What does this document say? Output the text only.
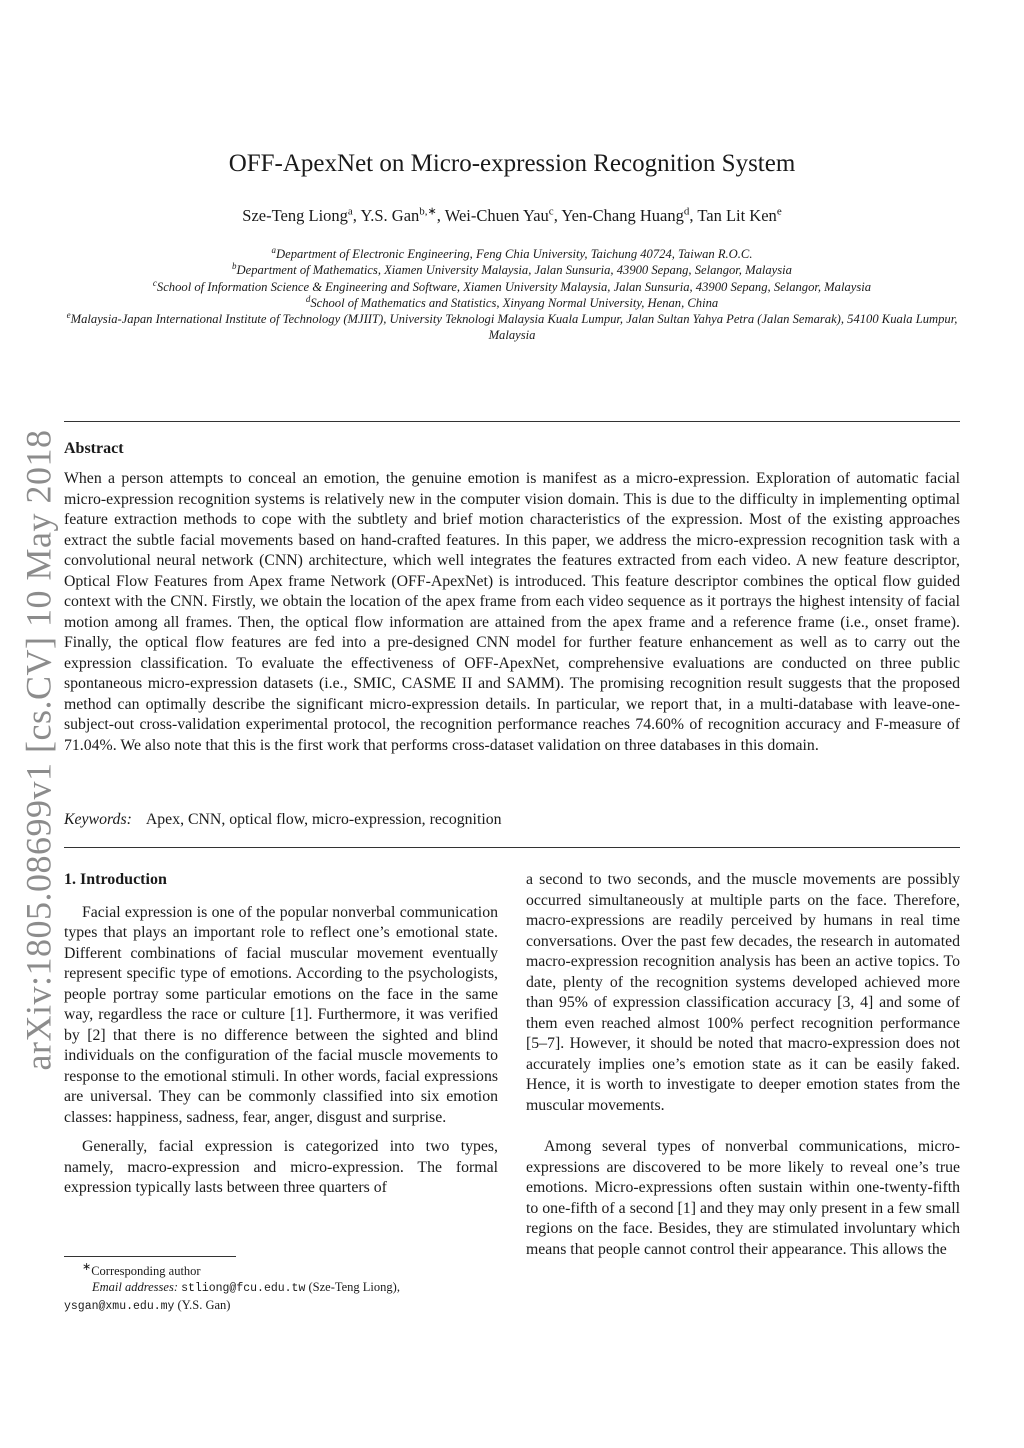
arXiv:1805.08699v1 [cs.CV] 10 May 2018
OFF-ApexNet on Micro-expression Recognition System
Sze-Teng Liong$^a$, Y.S. Gan$^{b,∗}$, Wei-Chuen Yau$^c$, Yen-Chang Huang$^d$, Tan Lit Ken$^e$
$^a$Department of Electronic Engineering, Feng Chia University, Taichung 40724, Taiwan R.O.C.
$^b$Department of Mathematics, Xiamen University Malaysia, Jalan Sunsuria, 43900 Sepang, Selangor, Malaysia
$^c$School of Information Science & Engineering and Software, Xiamen University Malaysia, Jalan Sunsuria, 43900 Sepang, Selangor, Malaysia
$^d$School of Mathematics and Statistics, Xinyang Normal University, Henan, China
$^e$Malaysia-Japan International Institute of Technology (MJIIT), University Teknologi Malaysia Kuala Lumpur, Jalan Sultan Yahya Petra (Jalan Semarak), 54100 Kuala Lumpur, Malaysia
Abstract
When a person attempts to conceal an emotion, the genuine emotion is manifest as a micro-expression. Exploration of automatic facial micro-expression recognition systems is relatively new in the computer vision domain. This is due to the difficulty in implementing optimal feature extraction methods to cope with the subtlety and brief motion characteristics of the expression. Most of the existing approaches extract the subtle facial movements based on hand-crafted features. In this paper, we address the micro-expression recognition task with a convolutional neural network (CNN) architecture, which well integrates the features extracted from each video. A new feature descriptor, Optical Flow Features from Apex frame Network (OFF-ApexNet) is introduced. This feature descriptor combines the optical flow guided context with the CNN. Firstly, we obtain the location of the apex frame from each video sequence as it portrays the highest intensity of facial motion among all frames. Then, the optical flow information are attained from the apex frame and a reference frame (i.e., onset frame). Finally, the optical flow features are fed into a pre-designed CNN model for further feature enhancement as well as to carry out the expression classification. To evaluate the effectiveness of OFF-ApexNet, comprehensive evaluations are conducted on three public spontaneous micro-expression datasets (i.e., SMIC, CASME II and SAMM). The promising recognition result suggests that the proposed method can optimally describe the significant micro-expression details. In particular, we report that, in a multi-database with leave-one-subject-out cross-validation experimental protocol, the recognition performance reaches 74.60% of recognition accuracy and F-measure of 71.04%. We also note that this is the first work that performs cross-dataset validation on three databases in this domain.
Keywords: Apex, CNN, optical flow, micro-expression, recognition
1. Introduction

Facial expression is one of the popular nonverbal communication types that plays an important role to reflect one’s emotional state. Different combinations of facial muscular movement eventually represent specific type of emotions. According to the psychologists, people portray some particular emotions on the face in the same way, regardless the race or culture [1]. Furthermore, it was verified by [2] that there is no difference between the sighted and blind individuals on the configuration of the facial muscle movements to response to the emotional stimuli. In other words, facial expressions are universal. They can be commonly classified into six emotion classes: happiness, sadness, fear, anger, disgust and surprise.

Generally, facial expression is categorized into two types, namely, macro-expression and micro-expression. The formal expression typically lasts between three quarters of

a second to two seconds, and the muscle movements are possibly occurred simultaneously at multiple parts on the face. Therefore, macro-expressions are readily perceived by humans in real time conversations. Over the past few decades, the research in automated macro-expression recognition analysis has been an active topics. To date, plenty of the recognition systems developed achieved more than 95% of expression classification accuracy [3, 4] and some of them even reached almost 100% perfect recognition performance [5–7]. However, it should be noted that macro-expression does not accurately implies one’s emotion state as it can be easily faked. Hence, it is worth to investigate to deeper emotion states from the muscular movements.

Among several types of nonverbal communications, micro-expressions are discovered to be more likely to reveal one’s true emotions. Micro-expressions often sustain within one-twenty-fifth to one-fifth of a second [1] and they may only present in a few small regions on the face. Besides, they are stimulated involuntary which means that people cannot control their appearance. This allows the

∗Corresponding author
Email addresses: stliong@fcu.edu.tw (Sze-Teng Liong),
ysgan@xmu.edu.my (Y.S. Gan)
